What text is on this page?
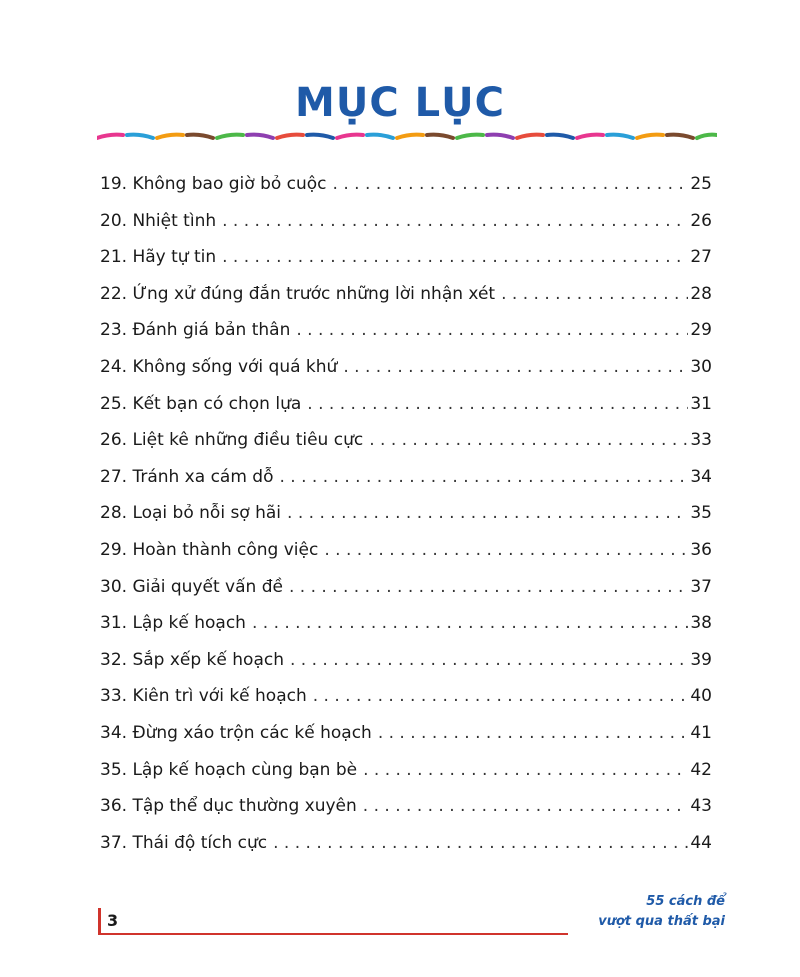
MỤC LỤC
19. Không bao giờ bỏ cuộc . . .	25
20. Nhiệt tình . . .	26
21. Hãy tự tin . . .	27
22. Ứng xử đúng đắn trước những lời nhận xét . . .	28
23. Đánh giá bản thân . . .	29
24. Không sống với quá khứ . . .	30
25. Kết bạn có chọn lựa . . .	31
26. Liệt kê những điều tiêu cực . . .	33
27. Tránh xa cám dỗ . . .	34
28. Loại bỏ nỗi sợ hãi . . .	35
29. Hoàn thành công việc . . .	36
30. Giải quyết vấn đề . . .	37
31. Lập kế hoạch . . .	38
32. Sắp xếp kế hoạch . . .	39
33. Kiên trì với kế hoạch . . .	40
34. Đừng xáo trộn các kế hoạch . . .	41
35. Lập kế hoạch cùng bạn bè . . .	42
36. Tập thể dục thường xuyên . . .	43
37. Thái độ tích cực . . .	44
3
55 cách để
vượt qua thất bại
